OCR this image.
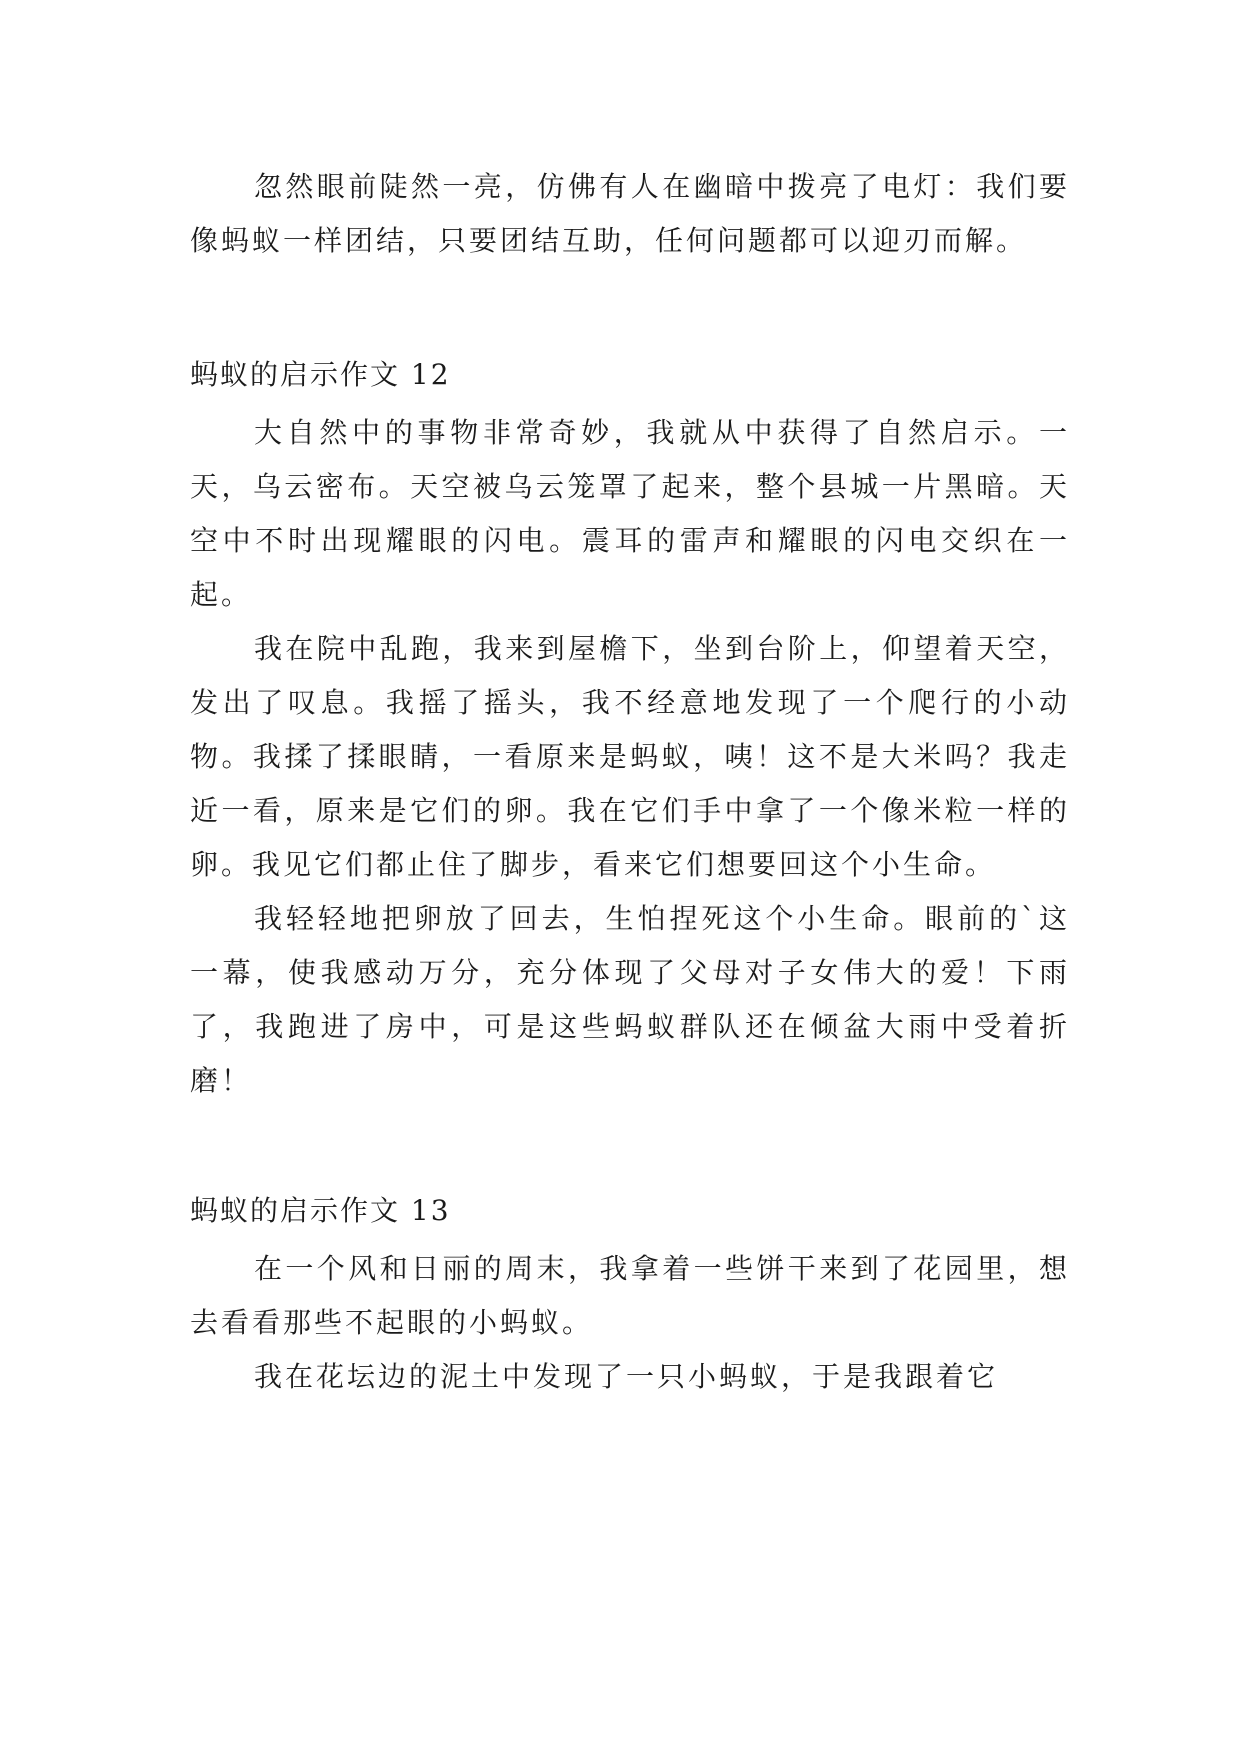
忽然眼前陡然一亮，仿佛有人在幽暗中拨亮了电灯：我们要像蚂蚁一样团结，只要团结互助，任何问题都可以迎刃而解。

蚂蚁的启示作文 12

大自然中的事物非常奇妙，我就从中获得了自然启示。一天，乌云密布。天空被乌云笼罩了起来，整个县城一片黑暗。天空中不时出现耀眼的闪电。震耳的雷声和耀眼的闪电交织在一起。

我在院中乱跑，我来到屋檐下，坐到台阶上，仰望着天空，发出了叹息。我摇了摇头，我不经意地发现了一个爬行的小动物。我揉了揉眼睛，一看原来是蚂蚁，咦！这不是大米吗？我走近一看，原来是它们的卵。我在它们手中拿了一个像米粒一样的卵。我见它们都止住了脚步，看来它们想要回这个小生命。

我轻轻地把卵放了回去，生怕捏死这个小生命。眼前的`这一幕，使我感动万分，充分体现了父母对子女伟大的爱！下雨了，我跑进了房中，可是这些蚂蚁群队还在倾盆大雨中受着折磨！

蚂蚁的启示作文 13

在一个风和日丽的周末，我拿着一些饼干来到了花园里，想去看看那些不起眼的小蚂蚁。

我在花坛边的泥土中发现了一只小蚂蚁，于是我跟着它
